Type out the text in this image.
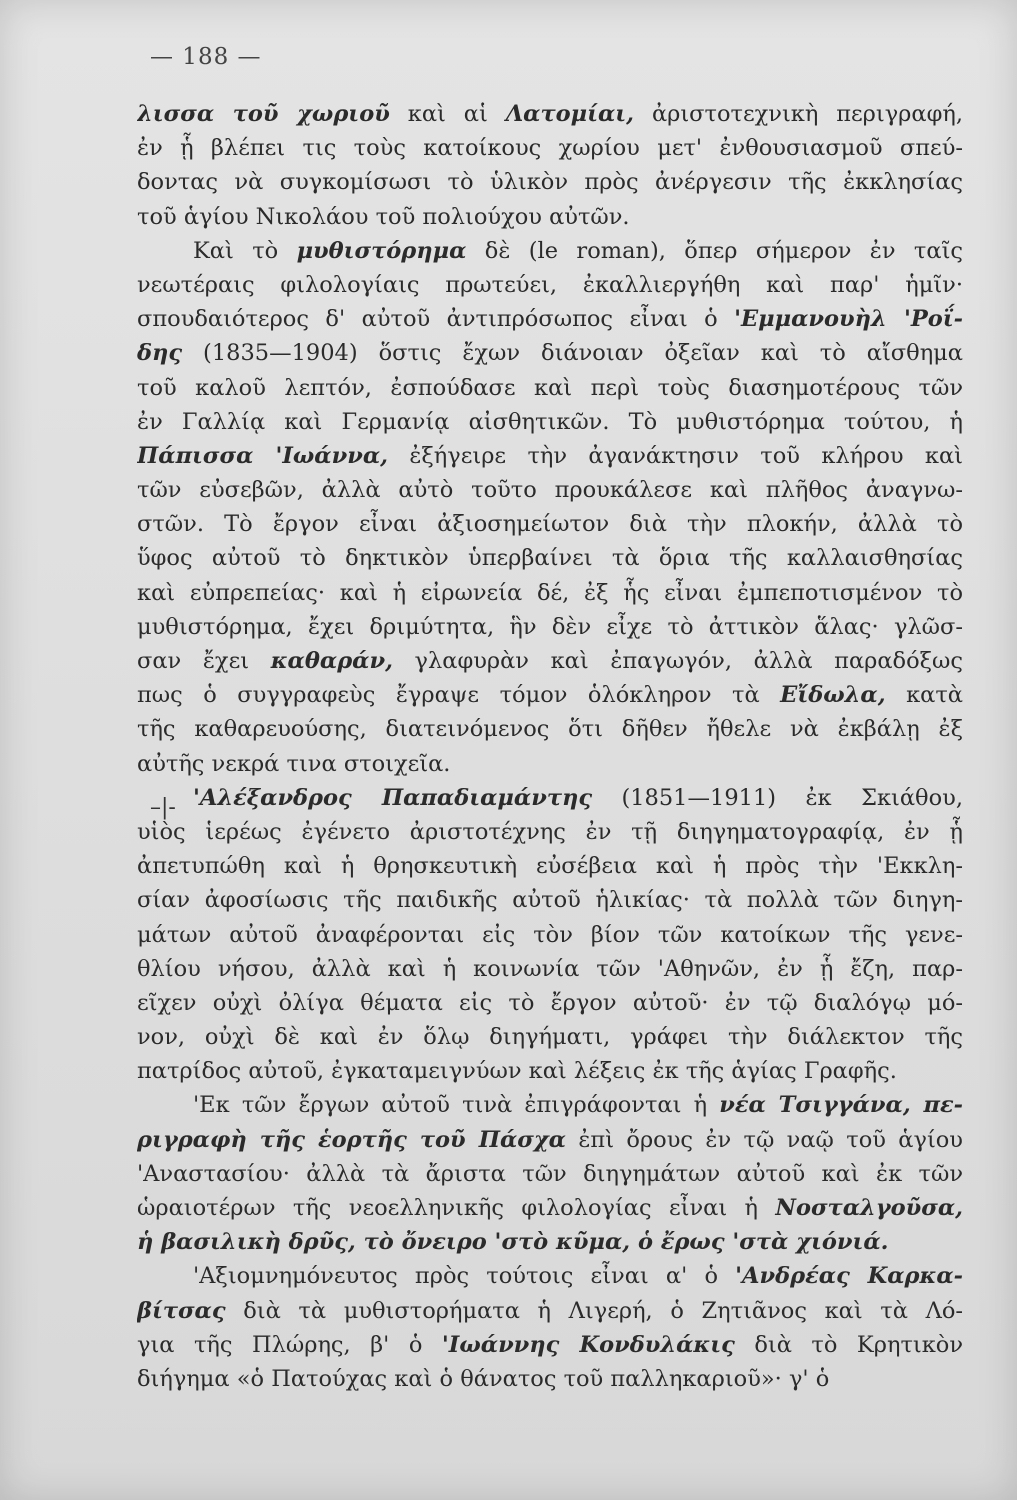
— 188 —
–|-
λισσα τοῦ χωριοῦ καὶ αἱ Λατομίαι, ἀριστοτεχνικὴ περιγραφή,
ἐν ᾗ βλέπει τις τοὺς κατοίκους χωρίου μετ' ἐνθουσιασμοῦ σπεύ-
δοντας νὰ συγκομίσωσι τὸ ὑλικὸν πρὸς ἀνέργεσιν τῆς ἐκκλησίας
τοῦ ἁγίου Νικολάου τοῦ πολιούχου αὐτῶν.
Καὶ τὸ μυθιστόρημα δὲ (le roman), ὅπερ σήμερον ἐν ταῖς
νεωτέραις φιλολογίαις πρωτεύει, ἐκαλλιεργήθη καὶ παρ' ἡμῖν·
σπουδαιότερος δ' αὐτοῦ ἀντιπρόσωπος εἶναι ὁ 'Εμμανουὴλ 'Ροΐ-
δης (1835—1904) ὅστις ἔχων διάνοιαν ὀξεῖαν καὶ τὸ αἴσθημα
τοῦ καλοῦ λεπτόν, ἐσπούδασε καὶ περὶ τοὺς διασημοτέρους τῶν
ἐν Γαλλίᾳ καὶ Γερμανίᾳ αἰσθητικῶν. Τὸ μυθιστόρημα τούτου, ἡ
Πάπισσα 'Ιωάννα, ἐξήγειρε τὴν ἀγανάκτησιν τοῦ κλήρου καὶ
τῶν εὐσεβῶν, ἀλλὰ αὐτὸ τοῦτο προυκάλεσε καὶ πλῆθος ἀναγνω-
στῶν. Τὸ ἔργον εἶναι ἀξιοσημείωτον διὰ τὴν πλοκήν, ἀλλὰ τὸ
ὕφος αὐτοῦ τὸ δηκτικὸν ὑπερβαίνει τὰ ὅρια τῆς καλλαισθησίας
καὶ εὐπρεπείας· καὶ ἡ εἰρωνεία δέ, ἐξ ἧς εἶναι ἐμπεποτισμένον τὸ
μυθιστόρημα, ἔχει δριμύτητα, ἣν δὲν εἶχε τὸ ἀττικὸν ἅλας· γλῶσ-
σαν ἔχει καθαράν, γλαφυρὰν καὶ ἐπαγωγόν, ἀλλὰ παραδόξως
πως ὁ συγγραφεὺς ἔγραψε τόμον ὁλόκληρον τὰ Εἴδωλα, κατὰ
τῆς καθαρευούσης, διατεινόμενος ὅτι δῆθεν ἤθελε νὰ ἐκβάλῃ ἐξ
αὐτῆς νεκρά τινα στοιχεῖα.
'Αλέξανδρος Παπαδιαμάντης (1851—1911) ἐκ Σκιάθου,
υἱὸς ἱερέως ἐγένετο ἀριστοτέχνης ἐν τῇ διηγηματογραφίᾳ, ἐν ᾗ
ἀπετυπώθη καὶ ἡ θρησκευτικὴ εὐσέβεια καὶ ἡ πρὸς τὴν 'Εκκλη-
σίαν ἀφοσίωσις τῆς παιδικῆς αὐτοῦ ἡλικίας· τὰ πολλὰ τῶν διηγη-
μάτων αὐτοῦ ἀναφέρονται εἰς τὸν βίον τῶν κατοίκων τῆς γενε-
θλίου νήσου, ἀλλὰ καὶ ἡ κοινωνία τῶν 'Αθηνῶν, ἐν ᾗ ἔζη, παρ-
εῖχεν οὐχὶ ὀλίγα θέματα εἰς τὸ ἔργον αὐτοῦ· ἐν τῷ διαλόγῳ μό-
νον, οὐχὶ δὲ καὶ ἐν ὅλῳ διηγήματι, γράφει τὴν διάλεκτον τῆς
πατρίδος αὐτοῦ, ἐγκαταμειγνύων καὶ λέξεις ἐκ τῆς ἁγίας Γραφῆς.
'Εκ τῶν ἔργων αὐτοῦ τινὰ ἐπιγράφονται ἡ νέα Τσιγγάνα, πε-
ριγραφὴ τῆς ἑορτῆς τοῦ Πάσχα ἐπὶ ὄρους ἐν τῷ ναῷ τοῦ ἁγίου
'Αναστασίου· ἀλλὰ τὰ ἄριστα τῶν διηγημάτων αὐτοῦ καὶ ἐκ τῶν
ὡραιοτέρων τῆς νεοελληνικῆς φιλολογίας εἶναι ἡ Νοσταλγοῦσα,
ἡ βασιλικὴ δρῦς, τὸ ὄνειρο 'στὸ κῦμα, ὁ ἔρως 'στὰ χιόνιά.
'Αξιομνημόνευτος πρὸς τούτοις εἶναι α' ὁ 'Ανδρέας Καρκα-
βίτσας διὰ τὰ μυθιστορήματα ἡ Λιγερή, ὁ Ζητιᾶνος καὶ τὰ Λό-
για τῆς Πλώρης, β' ὁ 'Ιωάννης Κονδυλάκις διὰ τὸ Κρητικὸν
διήγημα «ὁ Πατούχας καὶ ὁ θάνατος τοῦ παλληκαριοῦ»· γ' ὁ
